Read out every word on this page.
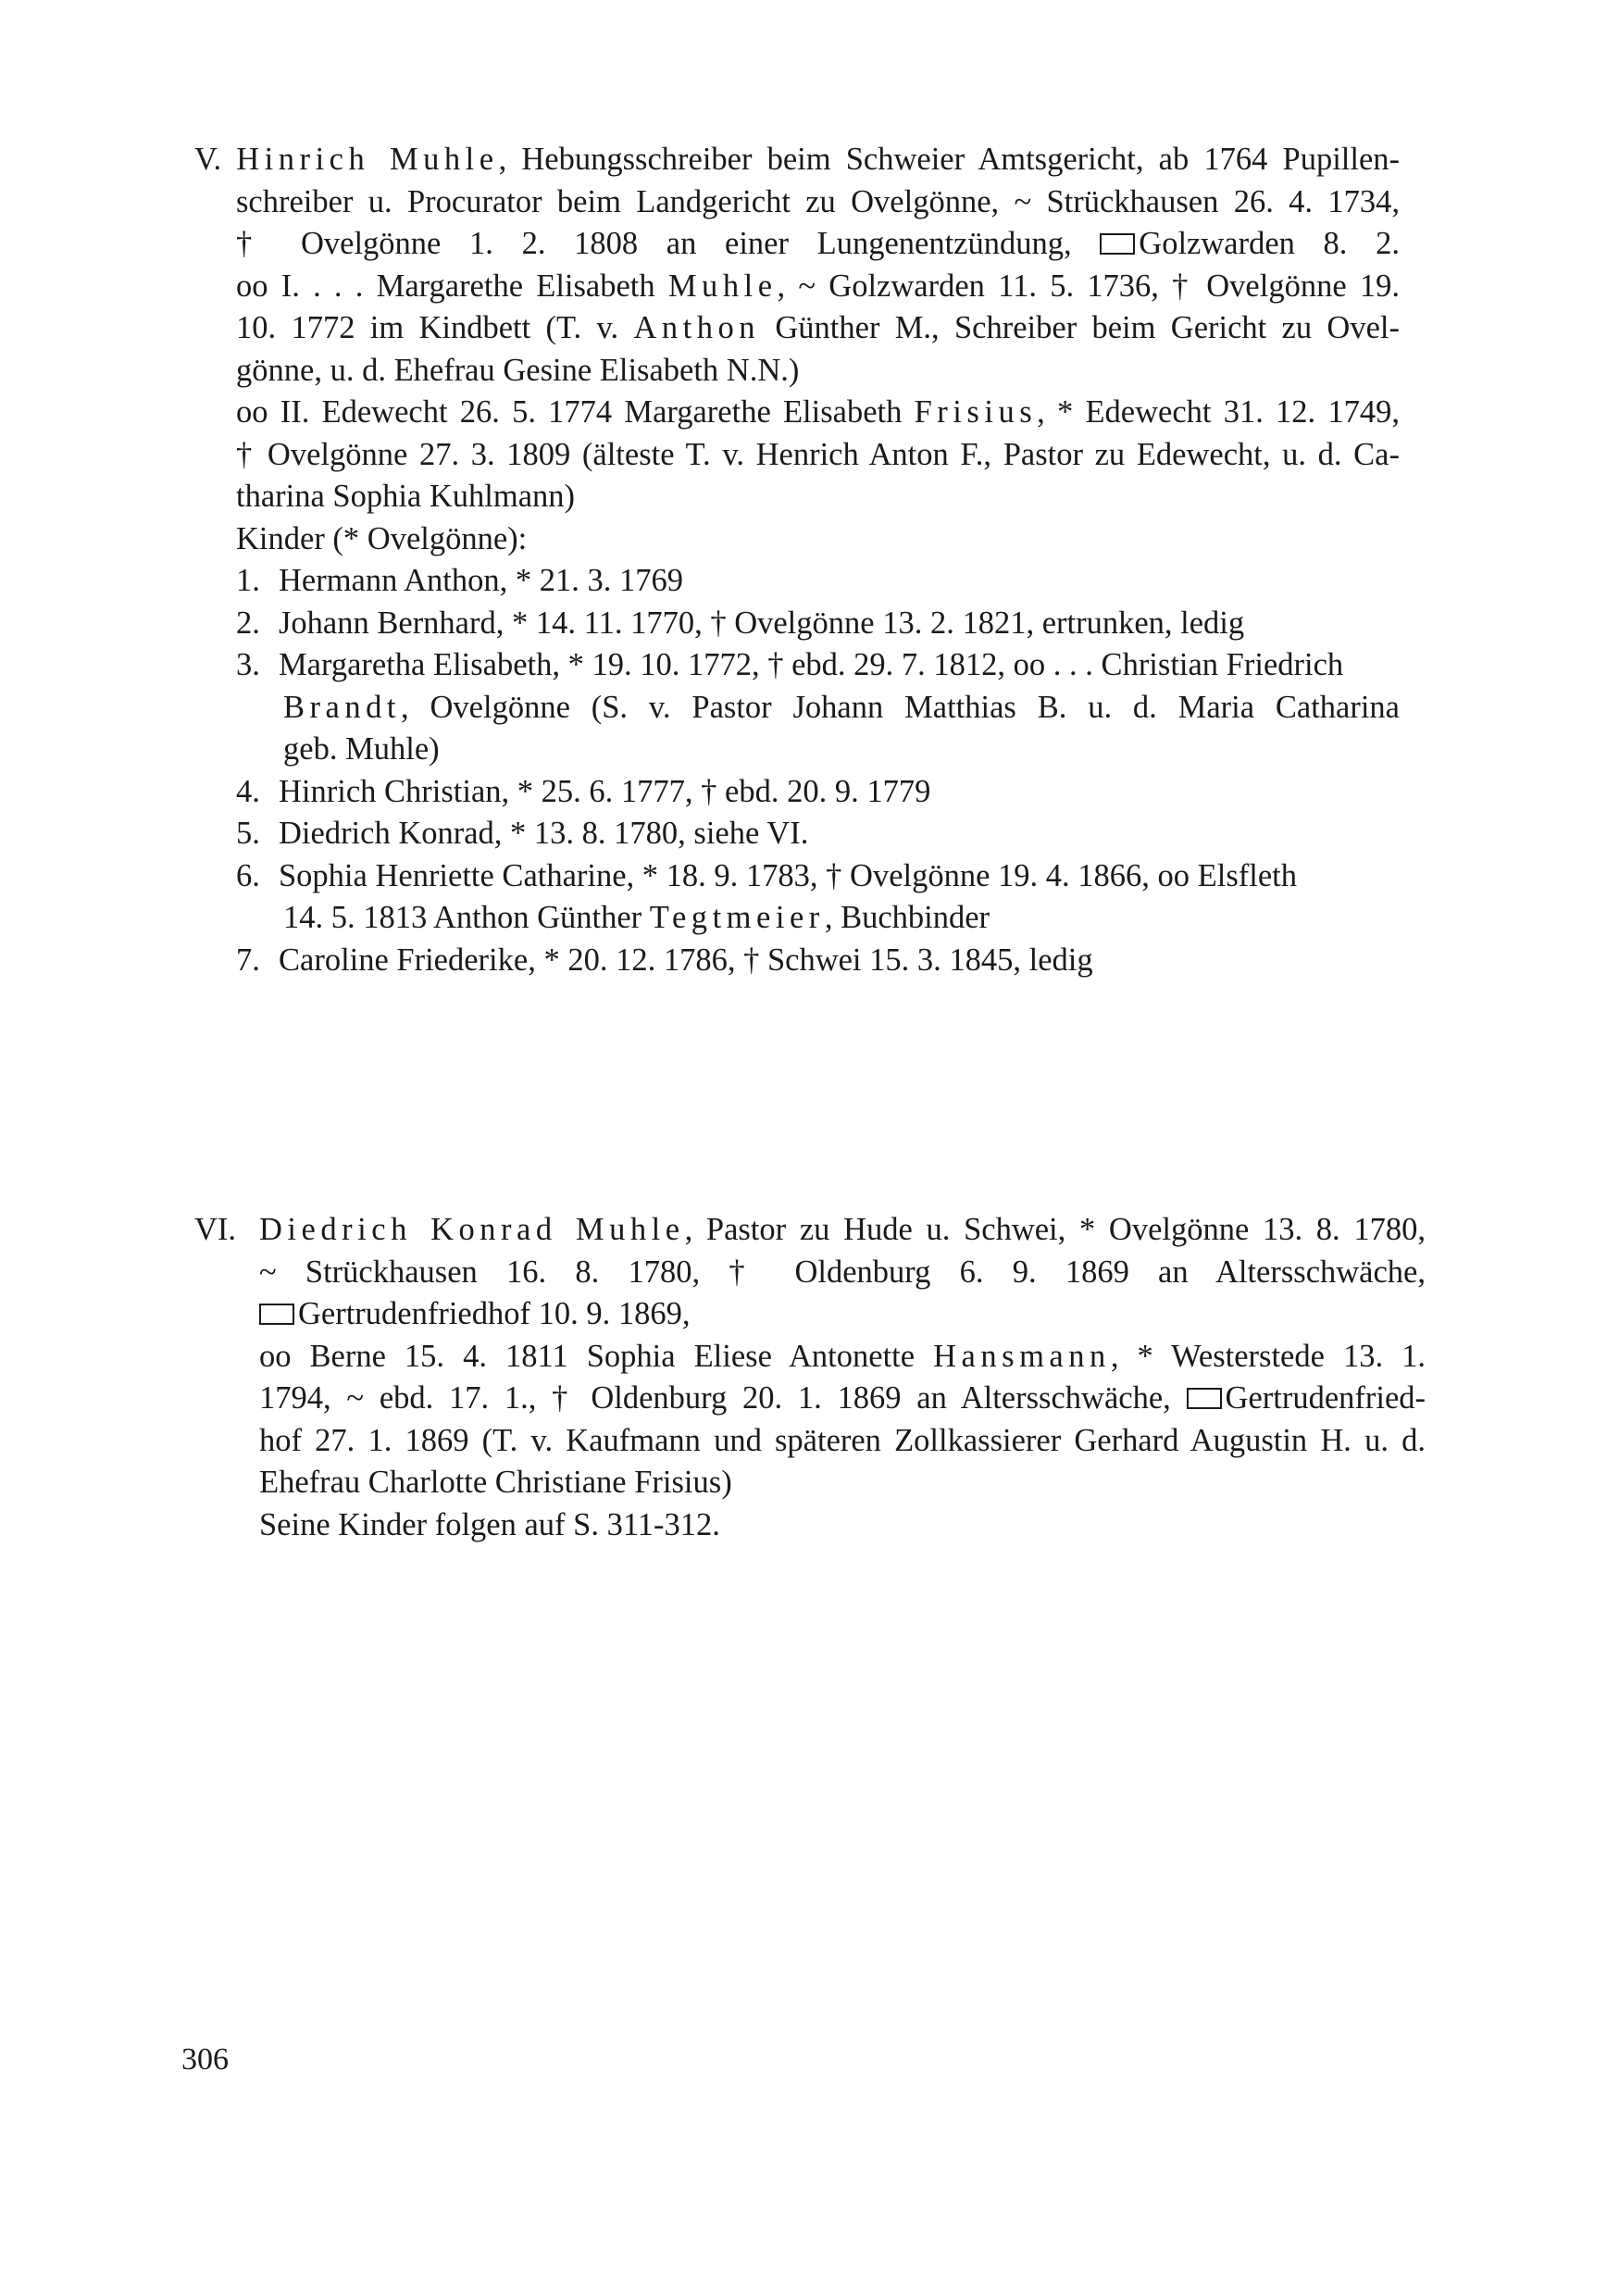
V. Hinrich Muhle, Hebungsschreiber beim Schweier Amtsgericht, ab 1764 Pupillen-
schreiber u. Procurator beim Landgericht zu Ovelgönne, ~ Strückhausen 26. 4. 1734,
† Ovelgönne 1. 2. 1808 an einer Lungenentzündung, Golzwarden 8. 2.
oo I. . . . Margarethe Elisabeth Muhle, ~ Golzwarden 11. 5. 1736, † Ovelgönne 19.
10. 1772 im Kindbett (T. v. Anthon Günther M., Schreiber beim Gericht zu Ovel-
gönne, u. d. Ehefrau Gesine Elisabeth N.N.)
oo II. Edewecht 26. 5. 1774 Margarethe Elisabeth Frisius, * Edewecht 31. 12. 1749,
† Ovelgönne 27. 3. 1809 (älteste T. v. Henrich Anton F., Pastor zu Edewecht, u. d. Ca-
tharina Sophia Kuhlmann)
Kinder (* Ovelgönne):
1. Hermann Anthon, * 21. 3. 1769
2. Johann Bernhard, * 14. 11. 1770, † Ovelgönne 13. 2. 1821, ertrunken, ledig
3. Margaretha Elisabeth, * 19. 10. 1772, † ebd. 29. 7. 1812, oo . . . Christian Friedrich
Brandt, Ovelgönne (S. v. Pastor Johann Matthias B. u. d. Maria Catharina
geb. Muhle)
4. Hinrich Christian, * 25. 6. 1777, † ebd. 20. 9. 1779
5. Diedrich Konrad, * 13. 8. 1780, siehe VI.
6. Sophia Henriette Catharine, * 18. 9. 1783, † Ovelgönne 19. 4. 1866, oo Elsfleth
14. 5. 1813 Anthon Günther Tegtmeier, Buchbinder
7. Caroline Friederike, * 20. 12. 1786, † Schwei 15. 3. 1845, ledig
VI. Diedrich Konrad Muhle, Pastor zu Hude u. Schwei, * Ovelgönne 13. 8. 1780,
~ Strückhausen 16. 8. 1780, † Oldenburg 6. 9. 1869 an Altersschwäche,
Gertrudenfriedhof 10. 9. 1869,
oo Berne 15. 4. 1811 Sophia Eliese Antonette Hansmann, * Westerstede 13. 1.
1794, ~ ebd. 17. 1., † Oldenburg 20. 1. 1869 an Altersschwäche, Gertrudenfried-
hof 27. 1. 1869 (T. v. Kaufmann und späteren Zollkassierer Gerhard Augustin H. u. d.
Ehefrau Charlotte Christiane Frisius)
Seine Kinder folgen auf S. 311-312.
306
